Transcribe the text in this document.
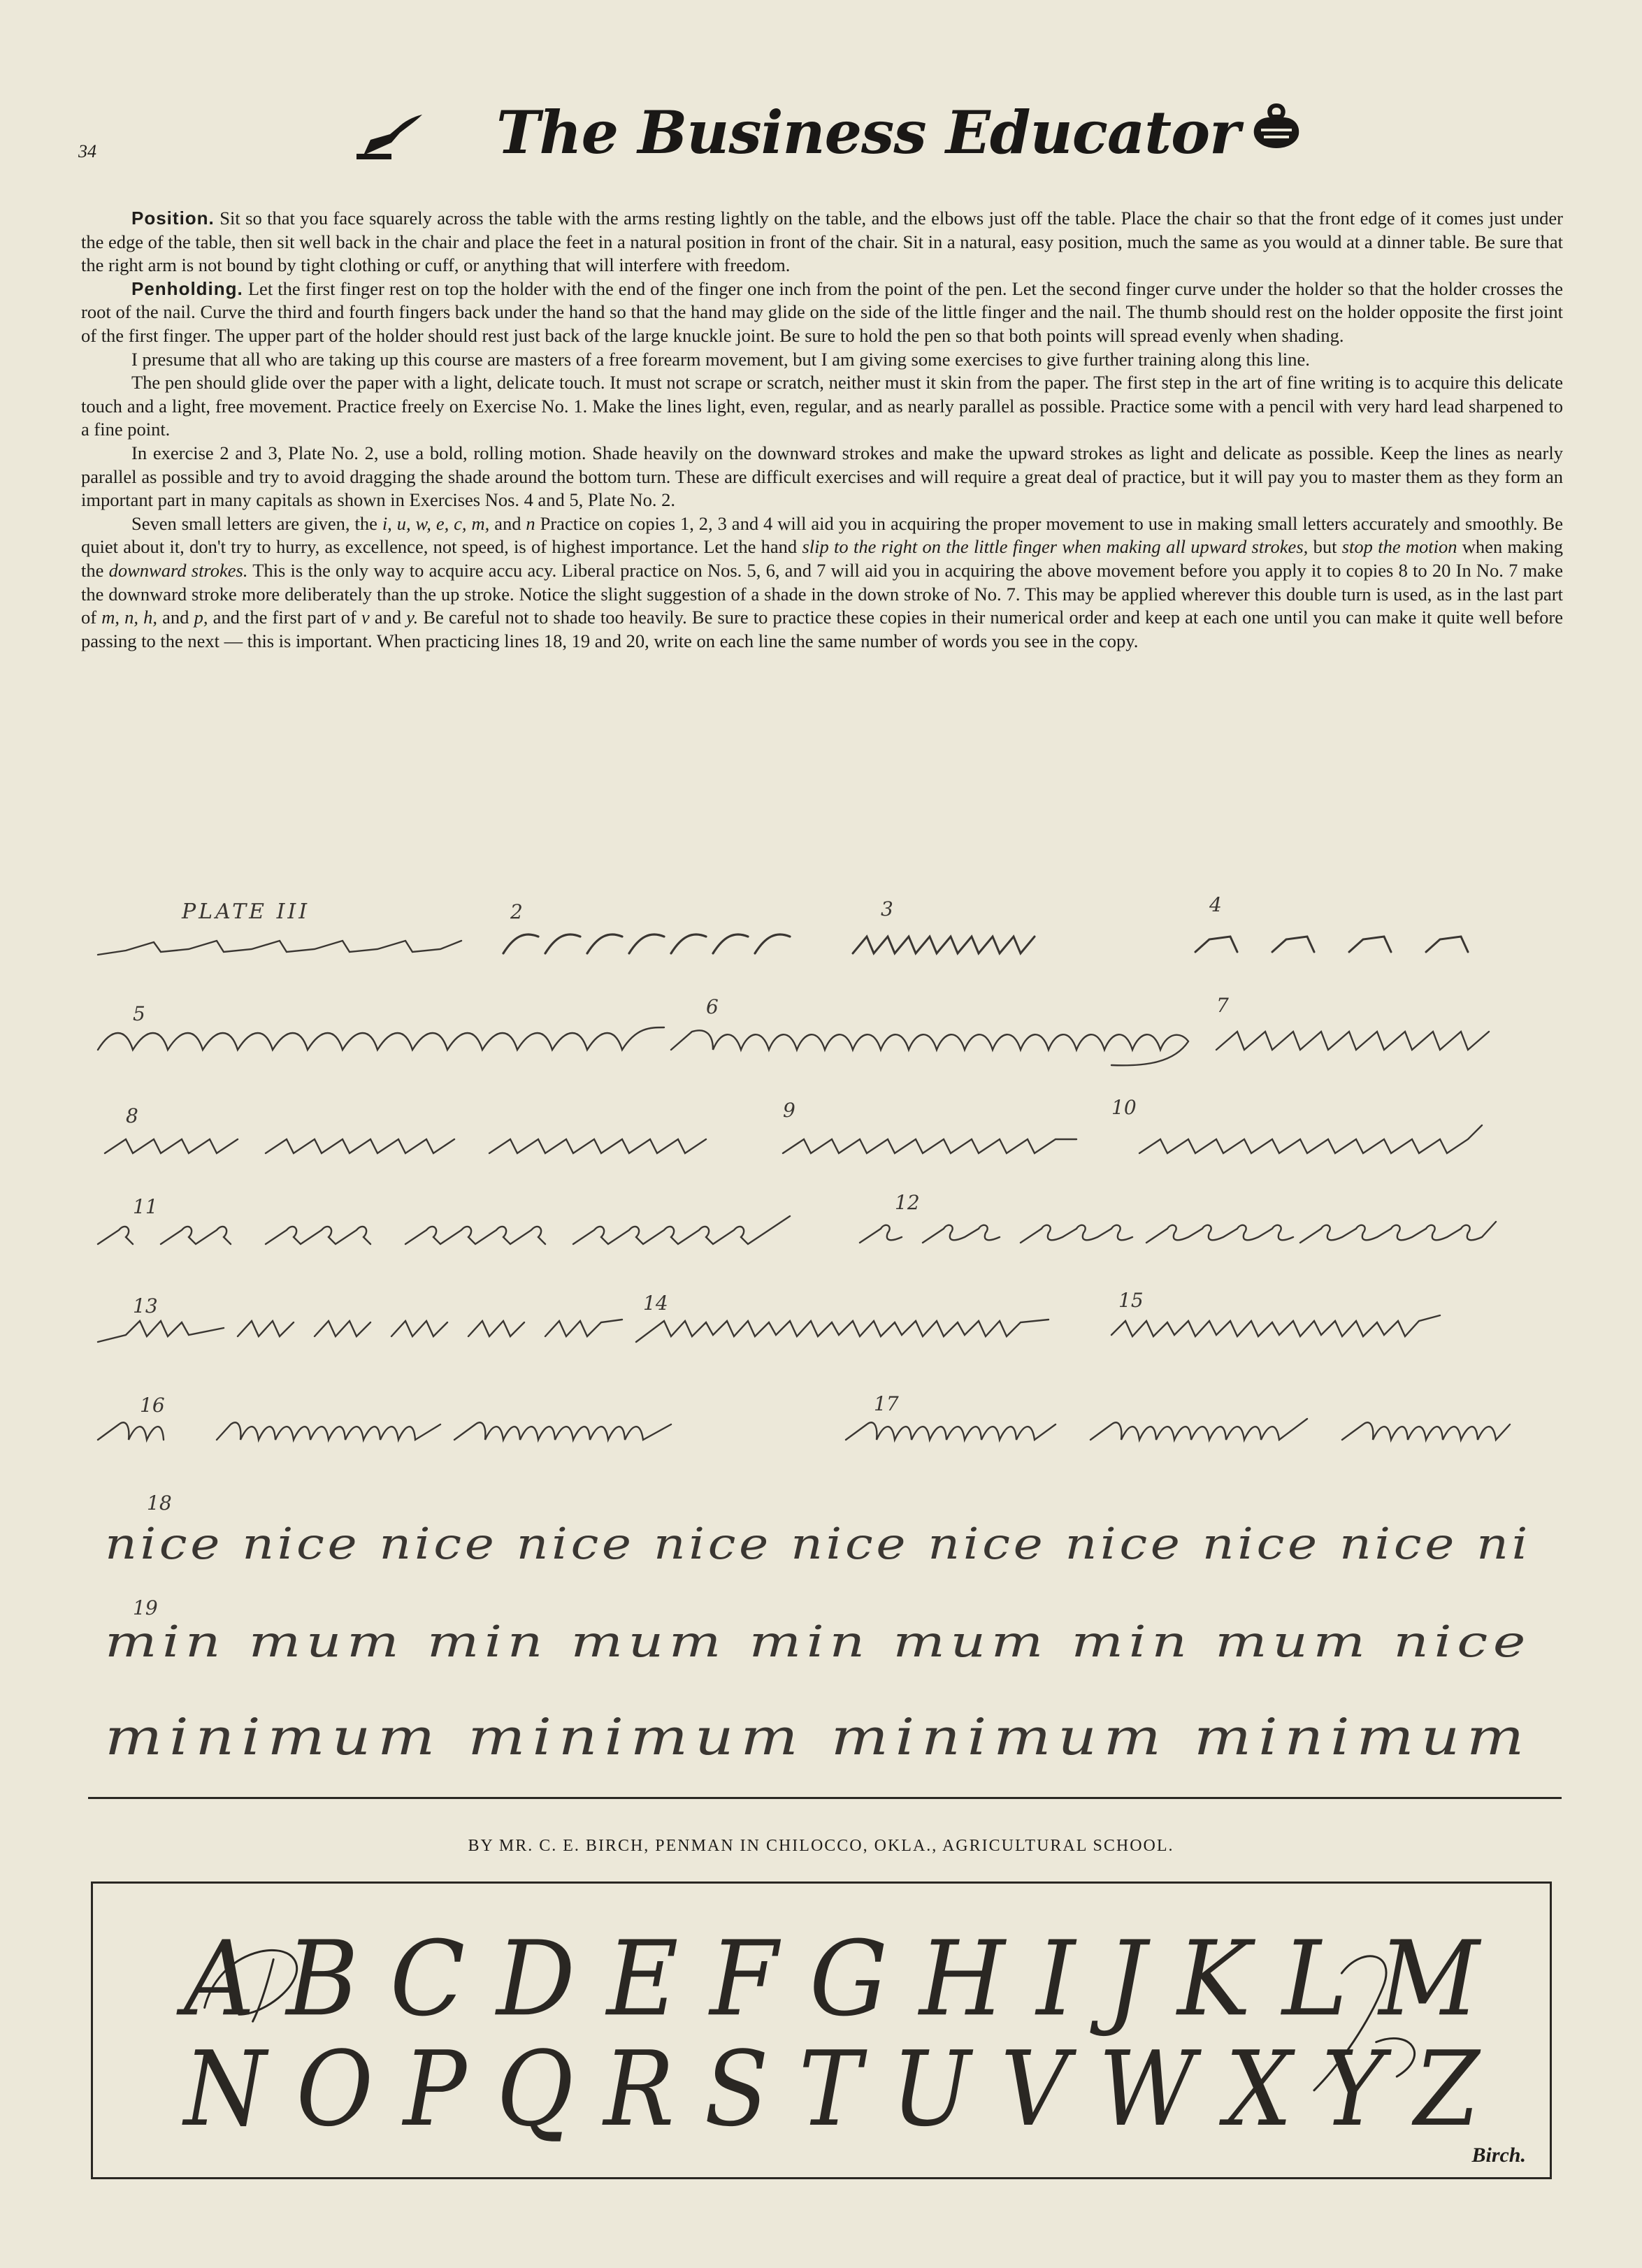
34	The Business Educator

Position. Sit so that you face squarely across the table with the arms resting lightly on the table, and the elbows just off the table. Place the chair so that the front edge of it comes just under the edge of the table, then sit well back in the chair and place the feet in a natural position in front of the chair. Sit in a natural, easy position, much the same as you would at a dinner table. Be sure that the right arm is not bound by tight clothing or cuff, or anything that will interfere with freedom.

Penholding. Let the first finger rest on top the holder with the end of the finger one inch from the point of the pen. Let the second finger curve under the holder so that the holder crosses the root of the nail. Curve the third and fourth fingers back under the hand so that the hand may glide on the side of the little finger and the nail. The thumb should rest on the holder opposite the first joint of the first finger. The upper part of the holder should rest just back of the large knuckle joint. Be sure to hold the pen so that both points will spread evenly when shading.

I presume that all who are taking up this course are masters of a free forearm movement, but I am giving some exercises to give further training along this line.

The pen should glide over the paper with a light, delicate touch. It must not scrape or scratch, neither must it skin from the paper. The first step in the art of fine writing is to acquire this delicate touch and a light, free movement. Practice freely on Exercise No. 1. Make the lines light, even, regular, and as nearly parallel as possible. Practice some with a pencil with very hard lead sharpened to a fine point.

In exercise 2 and 3, Plate No. 2, use a bold, rolling motion. Shade heavily on the downward strokes and make the upward strokes as light and delicate as possible. Keep the lines as nearly parallel as possible and try to avoid dragging the shade around the bottom turn. These are difficult exercises and will require a great deal of practice, but it will pay you to master them as they form an important part in many capitals as shown in Exercises Nos. 4 and 5, Plate No. 2.

Seven small letters are given, the i, u, w, e, c, m, and n Practice on copies 1, 2, 3 and 4 will aid you in acquiring the proper movement to use in making small letters accurately and smoothly. Be quiet about it, don't try to hurry, as excellence, not speed, is of highest importance. Let the hand slip to the right on the little finger when making all upward strokes, but stop the motion when making the downward strokes. This is the only way to acquire accu acy. Liberal practice on Nos. 5, 6, and 7 will aid you in acquiring the above movement before you apply it to copies 8 to 20 In No. 7 make the downward stroke more deliberately than the up stroke. Notice the slight suggestion of a shade in the down stroke of No. 7. This may be applied wherever this double turn is used, as in the last part of m, n, h, and p, and the first part of v and y. Be careful not to shade too heavily. Be sure to practice these copies in their numerical order and keep at each one until you can make it quite well before passing to the next — this is important. When practicing lines 18, 19 and 20, write on each line the same number of words you see in the copy.

nice nice nice nice nice nice nice nice nice nice ni
min mum min mum min mum min mum nice
minimum minimum minimum minimum
PLATE III	2	3	4
5	6	7
8	9	10
11	12
13	14	15
16	17
18
19
BY MR. C. E. BIRCH, PENMAN IN CHILOCCO, OKLA., AGRICULTURAL SCHOOL.
A B C D E F G H I J K L M
N O P Q R S T U V W X Y Z
Birch.
